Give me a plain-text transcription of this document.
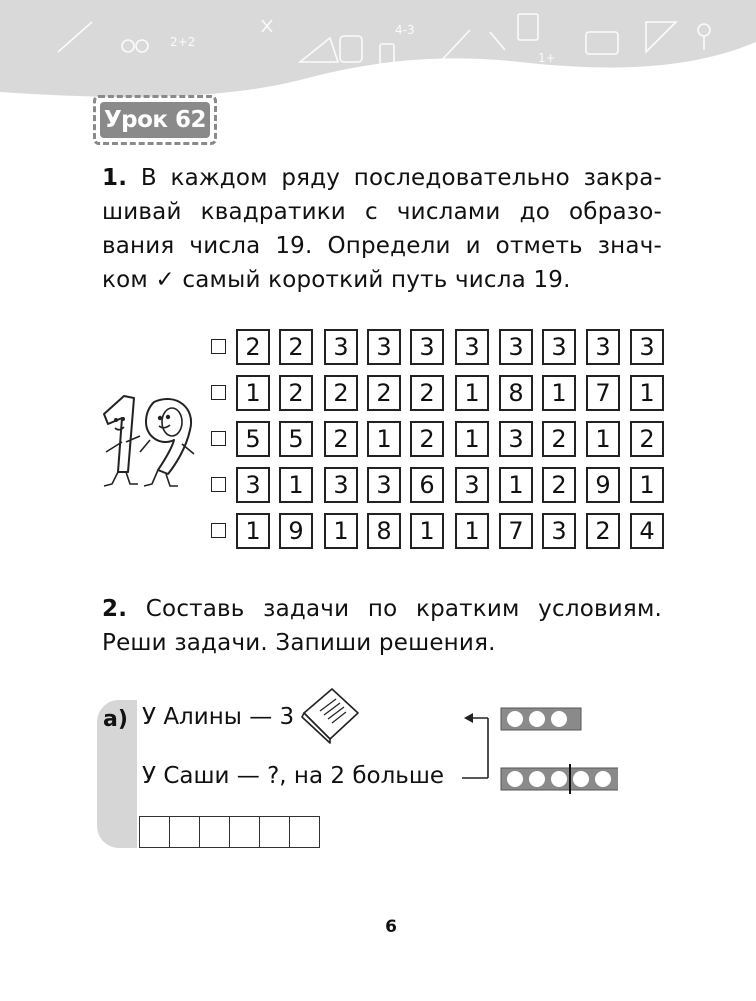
2+2
4-3
1+
Урок 62
1. В каждом ряду последовательно закра-
шивай квадратики с числами до образо-
вания числа 19. Определи и отметь знач-
ком ✓ самый короткий путь числа 19.
2	2	3	3	3	3	3	3	3	3
1	2	2	2	2	1	8	1	7	1
5	5	2	1	2	1	3	2	1	2
3	1	3	3	6	3	1	2	9	1
1	9	1	8	1	1	7	3	2	4
2. Составь задачи по кратким условиям.
Реши задачи. Запиши решения.
а) У Алины — 3
У Саши — ?, на 2 больше
6
